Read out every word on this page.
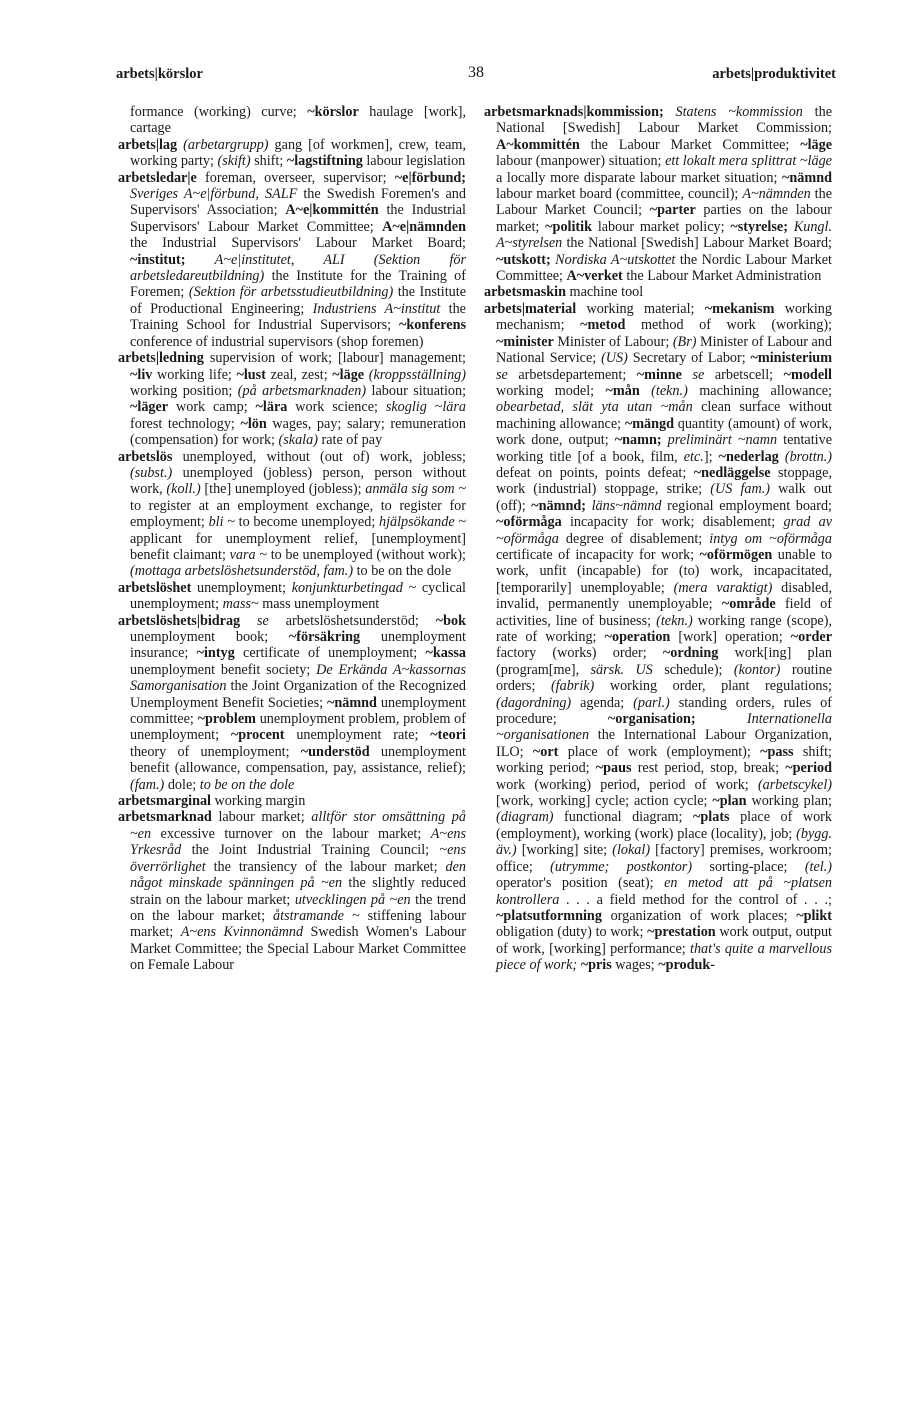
arbets|körslor	38	arbets|produktivitet

formance (working) curve; ~körslor haulage [work], cartage

arbets|lag (arbetargrupp) gang [of workmen], crew, team, working party; (skift) shift; ~lagstiftning labour legislation

arbetsledar|e foreman, overseer, supervisor; ~e|förbund; Sveriges A~e|förbund, SALF the Swedish Foremen's and Supervisors' Association; A~e|kommittén the Industrial Supervisors' Labour Market Committee; A~e|nämnden the Industrial Supervisors' Labour Market Board; ~institut; A~e|institutet, ALI (Sektion för arbetsledareutbildning) the Institute for the Training of Foremen; (Sektion för arbetsstudieutbildning) the Institute of Productional Engineering; Industriens A~institut the Training School for Industrial Supervisors; ~konferens conference of industrial supervisors (shop foremen)

arbets|ledning supervision of work; [labour] management; ~liv working life; ~lust zeal, zest; ~läge (kroppsställning) working position; (på arbetsmarknaden) labour situation; ~läger work camp; ~lära work science; skoglig ~lära forest technology; ~lön wages, pay; salary; remuneration (compensation) for work; (skala) rate of pay

arbetslös unemployed, without (out of) work, jobless; (subst.) unemployed (jobless) person, person without work, (koll.) [the] unemployed (jobless); anmäla sig som ~ to register at an employment exchange, to register for employment; bli ~ to become unemployed; hjälpsökande ~ applicant for unemployment relief, [unemployment] benefit claimant; vara ~ to be unemployed (without work); (mottaga arbetslöshetsunderstöd, fam.) to be on the dole

arbetslöshet unemployment; konjunkturbetingad ~ cyclical unemployment; mass~ mass unemployment

arbetslöshets|bidrag se arbetslöshetsunderstöd; ~bok unemployment book; ~försäkring unemployment insurance; ~intyg certificate of unemployment; ~kassa unemployment benefit society; De Erkända A~kassornas Samorganisation the Joint Organization of the Recognized Unemployment Benefit Societies; ~nämnd unemployment committee; ~problem unemployment problem, problem of unemployment; ~procent unemployment rate; ~teori theory of unemployment; ~understöd unemployment benefit (allowance, compensation, pay, assistance, relief); (fam.) dole; to be on the dole

arbetsmarginal working margin

arbetsmarknad labour market; alltför stor omsättning på ~en excessive turnover on the labour market; A~ens Yrkesråd the Joint Industrial Training Council; ~ens överrörlighet the transiency of the labour market; den något minskade spänningen på ~en the slightly reduced strain on the labour market; utvecklingen på ~en the trend on the labour market; åtstramande ~ stiffening labour market; A~ens Kvinnonämnd Swedish Women's Labour Market Committee; the Special Labour Market Committee on Female Labour

arbetsmarknads|kommission; Statens ~kommission the National [Swedish] Labour Market Commission; A~kommittén the Labour Market Committee; ~läge labour (manpower) situation; ett lokalt mera splittrat ~läge a locally more disparate labour market situation; ~nämnd labour market board (committee, council); A~nämnden the Labour Market Council; ~parter parties on the labour market; ~politik labour market policy; ~styrelse; Kungl. A~styrelsen the National [Swedish] Labour Market Board; ~utskott; Nordiska A~utskottet the Nordic Labour Market Committee; A~verket the Labour Market Administration

arbetsmaskin machine tool

arbets|material working material; ~mekanism working mechanism; ~metod method of work (working); ~minister Minister of Labour; (Br) Minister of Labour and National Service; (US) Secretary of Labor; ~ministerium se arbetsdepartement; ~minne se arbetscell; ~modell working model; ~mån (tekn.) machining allowance; obearbetad, slät yta utan ~mån clean surface without machining allowance; ~mängd quantity (amount) of work, work done, output; ~namn; preliminärt ~namn tentative working title [of a book, film, etc.]; ~nederlag (brottn.) defeat on points, points defeat; ~nedläggelse stoppage, work (industrial) stoppage, strike; (US fam.) walk out (off); ~nämnd; läns~nämnd regional employment board; ~oförmåga incapacity for work; disablement; grad av ~oförmåga degree of disablement; intyg om ~oförmåga certificate of incapacity for work; ~oförmögen unable to work, unfit (incapable) for (to) work, incapacitated, [temporarily] unemployable; (mera varaktigt) disabled, invalid, permanently unemployable; ~område field of activities, line of business; (tekn.) working range (scope), rate of working; ~operation [work] operation; ~order factory (works) order; ~ordning work[ing] plan (program[me], särsk. US schedule); (kontor) routine orders; (fabrik) working order, plant regulations; (dagordning) agenda; (parl.) standing orders, rules of procedure; ~organisation;	Internationella ~organisationen the International Labour Organization, ILO; ~ort place of work (employment); ~pass shift; working period; ~paus rest period, stop, break; ~period work (working) period, period of work; (arbetscykel) [work, working] cycle; action cycle; ~plan working plan; (diagram) functional diagram; ~plats place of work (employment), working (work) place (locality), job; (bygg. äv.) [working] site; (lokal) [factory] premises, workroom; office; (utrymme; postkontor) sorting-place; (tel.) operator's position (seat); en metod att på ~platsen kontrollera . . . a field method for the control of . . .; ~platsutformning organization of work places; ~plikt obligation (duty) to work; ~prestation work output, output of work, [working] performance; that's quite a marvellous piece of work; ~pris wages; ~produk-
